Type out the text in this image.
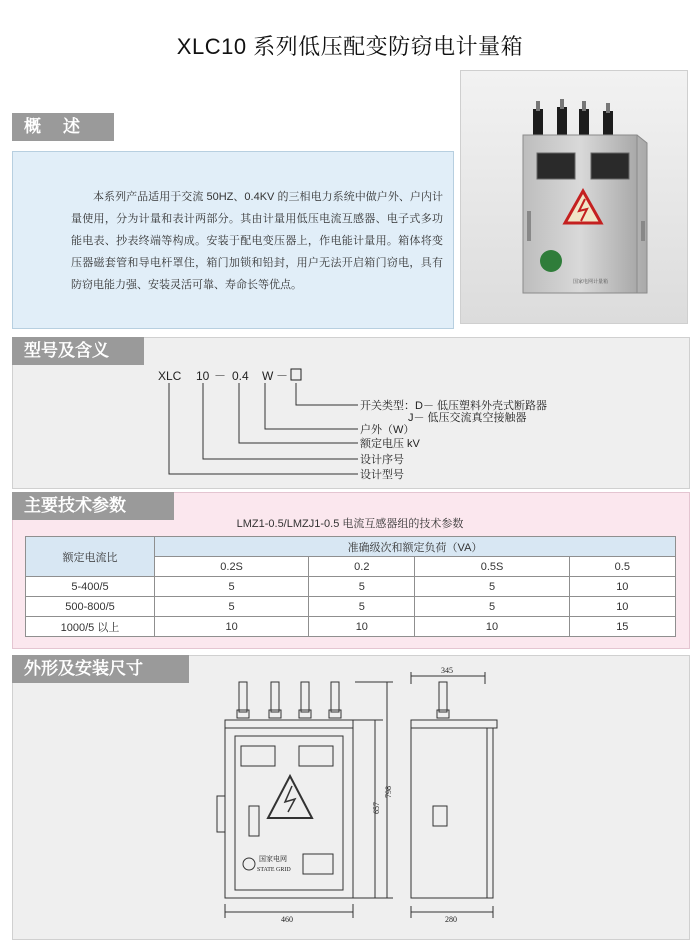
XLC10 系列低压配变防窃电计量箱
国家电网计量箱
概述
本系列产品适用于交流 50HZ、0.4KV 的三相电力系统中做户外、户内计量使用，分为计量和表计两部分。其由计量用低压电流互感器、电子式多功能电表、抄表终端等构成。安装于配电变压器上，作电能计量用。箱体将变压器磁套管和导电杆罩住，箱门加锁和铅封，用户无法开启箱门窃电，具有防窃电能力强、安装灵活可靠、寿命长等优点。
XLC 10 － 0.4 W －
开关类型：D－ 低压塑料外壳式断路器
J－ 低压交流真空接触器
户外（W）
额定电压 kV
设计序号
设计型号
型号及含义
主要技术参数
LMZ1-0.5/LMZJ1-0.5 电流互感器组的技术参数
额定电流比	准确级次和额定负荷（VA）			
	0.2S	0.2	0.5S	0.5
5-400/5	5	5	5	10
500-800/5	5	5	5	10
1000/5 以上	10	10	10	15
460
657
798
345
280
国家电网
STATE GRID
外形及安装尺寸
